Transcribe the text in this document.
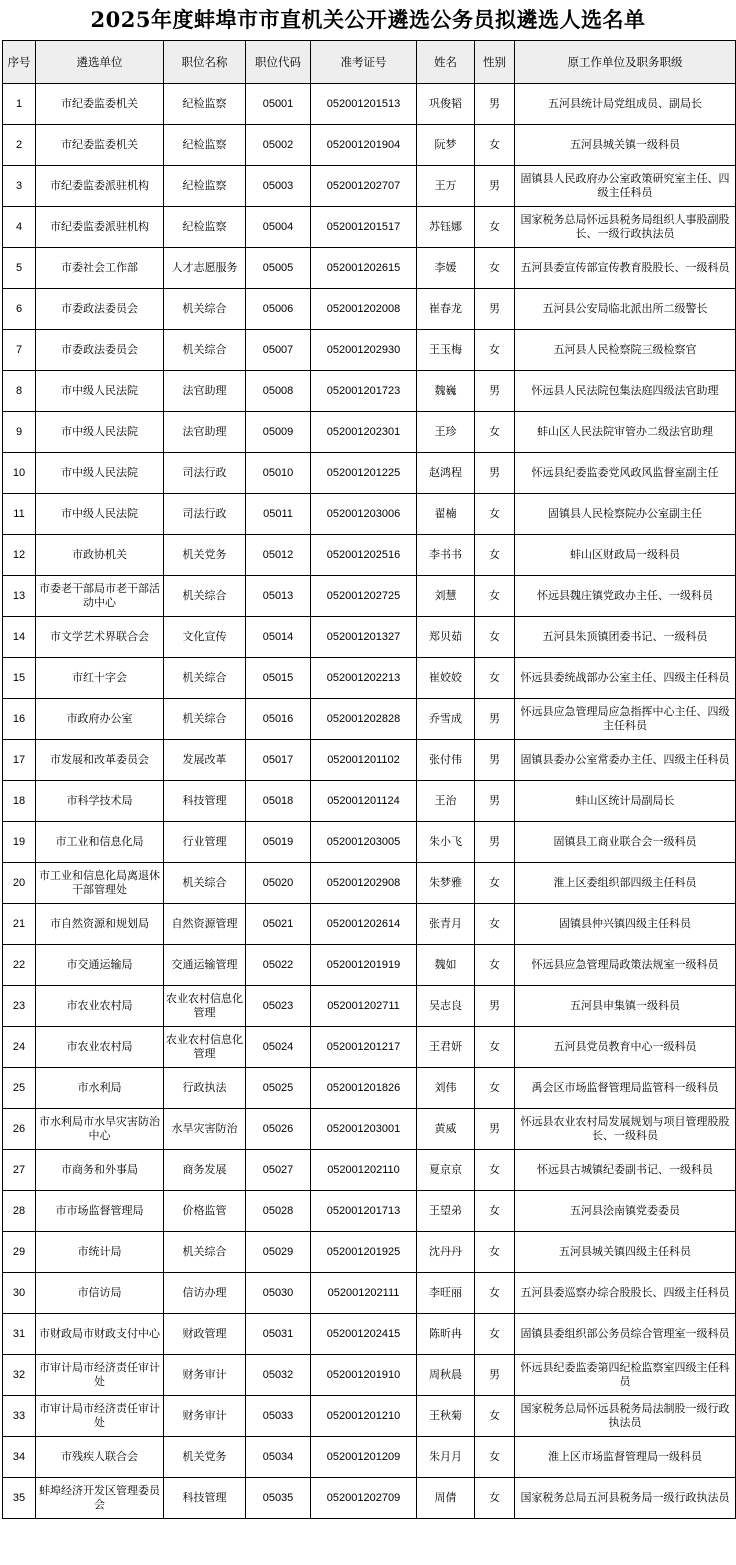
2025年度蚌埠市市直机关公开遴选公务员拟遴选人选名单
序号	遴选单位	职位名称	职位代码	准考证号	姓名	性别	原工作单位及职务职级
1	市纪委监委机关	纪检监察	05001	052001201513	巩俊韬	男	五河县统计局党组成员、副局长
2	市纪委监委机关	纪检监察	05002	052001201904	阮梦	女	五河县城关镇一级科员
3	市纪委监委派驻机构	纪检监察	05003	052001202707	王万	男	固镇县人民政府办公室政策研究室主任、四级主任科员
4	市纪委监委派驻机构	纪检监察	05004	052001201517	苏钰娜	女	国家税务总局怀远县税务局组织人事股副股长、一级行政执法员
5	市委社会工作部	人才志愿服务	05005	052001202615	李媛	女	五河县委宣传部宣传教育股股长、一级科员
6	市委政法委员会	机关综合	05006	052001202008	崔春龙	男	五河县公安局临北派出所二级警长
7	市委政法委员会	机关综合	05007	052001202930	王玉梅	女	五河县人民检察院三级检察官
8	市中级人民法院	法官助理	05008	052001201723	魏巍	男	怀远县人民法院包集法庭四级法官助理
9	市中级人民法院	法官助理	05009	052001202301	王珍	女	蚌山区人民法院审管办二级法官助理
10	市中级人民法院	司法行政	05010	052001201225	赵鸿程	男	怀远县纪委监委党风政风监督室副主任
11	市中级人民法院	司法行政	05011	052001203006	翟楠	女	固镇县人民检察院办公室副主任
12	市政协机关	机关党务	05012	052001202516	李书书	女	蚌山区财政局一级科员
13	市委老干部局市老干部活动中心	机关综合	05013	052001202725	刘慧	女	怀远县魏庄镇党政办主任、一级科员
14	市文学艺术界联合会	文化宣传	05014	052001201327	郑贝茹	女	五河县朱顶镇团委书记、一级科员
15	市红十字会	机关综合	05015	052001202213	崔姣姣	女	怀远县委统战部办公室主任、四级主任科员
16	市政府办公室	机关综合	05016	052001202828	乔雪成	男	怀远县应急管理局应急指挥中心主任、四级主任科员
17	市发展和改革委员会	发展改革	05017	052001201102	张付伟	男	固镇县委办公室常委办主任、四级主任科员
18	市科学技术局	科技管理	05018	052001201124	王治	男	蚌山区统计局副局长
19	市工业和信息化局	行业管理	05019	052001203005	朱小飞	男	固镇县工商业联合会一级科员
20	市工业和信息化局离退休干部管理处	机关综合	05020	052001202908	朱梦雅	女	淮上区委组织部四级主任科员
21	市自然资源和规划局	自然资源管理	05021	052001202614	张青月	女	固镇县仲兴镇四级主任科员
22	市交通运输局	交通运输管理	05022	052001201919	魏如	女	怀远县应急管理局政策法规室一级科员
23	市农业农村局	农业农村信息化管理	05023	052001202711	吴志良	男	五河县申集镇一级科员
24	市农业农村局	农业农村信息化管理	05024	052001201217	王君妍	女	五河县党员教育中心一级科员
25	市水利局	行政执法	05025	052001201826	刘伟	女	禹会区市场监督管理局监管科一级科员
26	市水利局市水旱灾害防治中心	水旱灾害防治	05026	052001203001	黄威	男	怀远县农业农村局发展规划与项目管理股股长、一级科员
27	市商务和外事局	商务发展	05027	052001202110	夏京京	女	怀远县古城镇纪委副书记、一级科员
28	市市场监督管理局	价格监管	05028	052001201713	王望弟	女	五河县浍南镇党委委员
29	市统计局	机关综合	05029	052001201925	沈丹丹	女	五河县城关镇四级主任科员
30	市信访局	信访办理	05030	052001202111	李旺丽	女	五河县委巡察办综合股股长、四级主任科员
31	市财政局市财政支付中心	财政管理	05031	052001202415	陈昕冉	女	固镇县委组织部公务员综合管理室一级科员
32	市审计局市经济责任审计处	财务审计	05032	052001201910	周秋晨	男	怀远县纪委监委第四纪检监察室四级主任科员
33	市审计局市经济责任审计处	财务审计	05033	052001201210	王秋菊	女	国家税务总局怀远县税务局法制股一级行政执法员
34	市残疾人联合会	机关党务	05034	052001201209	朱月月	女	淮上区市场监督管理局一级科员
35	蚌埠经济开发区管理委员会	科技管理	05035	052001202709	周倩	女	国家税务总局五河县税务局一级行政执法员
